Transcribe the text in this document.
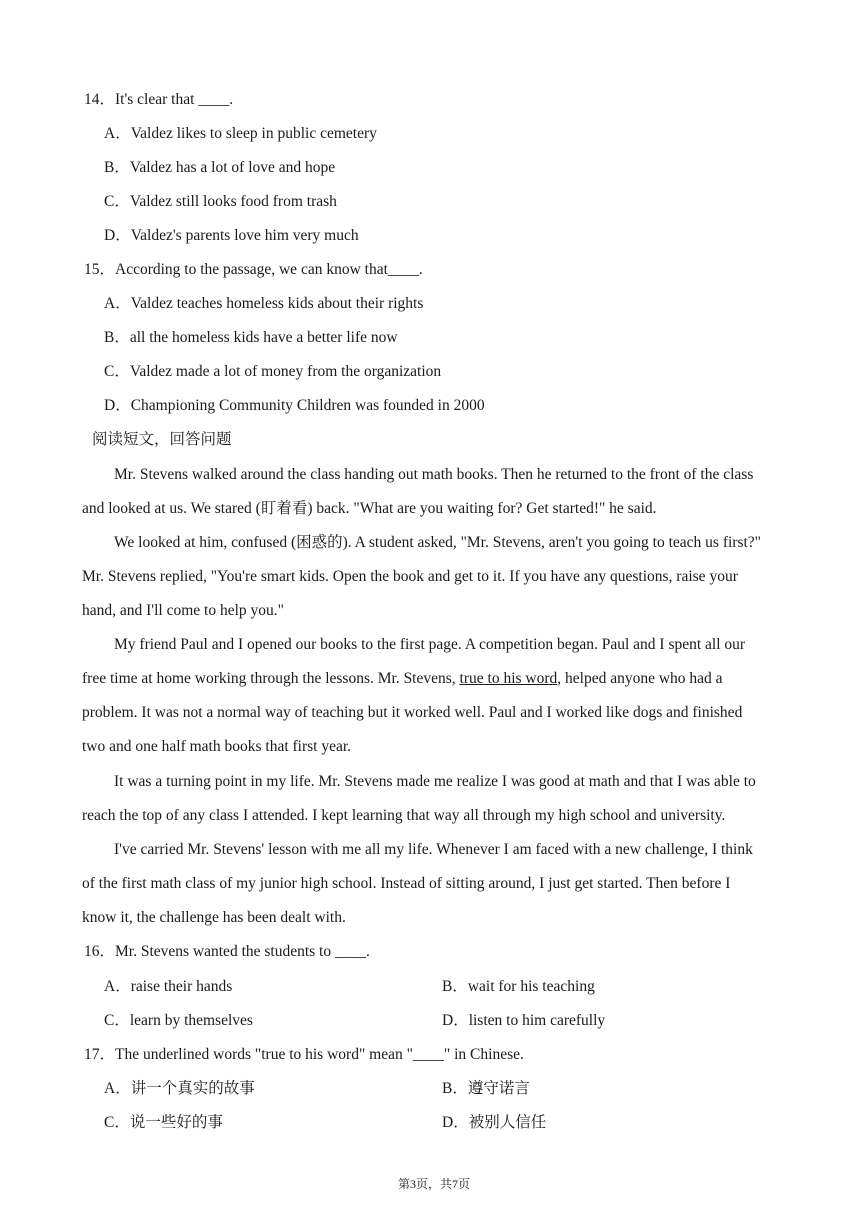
14．It's clear that ____.
A．Valdez likes to sleep in public cemetery
B．Valdez has a lot of love and hope
C．Valdez still looks food from trash
D．Valdez's parents love him very much
15．According to the passage, we can know that____.
A．Valdez teaches homeless kids about their rights
B．all the homeless kids have a better life now
C．Valdez made a lot of money from the organization
D．Championing Community Children was founded in 2000
阅读短文，回答问题
Mr. Stevens walked around the class handing out math books. Then he returned to the front of the class
and looked at us. We stared (盯着看) back. "What are you waiting for? Get started!" he said.
We looked at him, confused (困惑的). A student asked, "Mr. Stevens, aren't you going to teach us first?"
Mr. Stevens replied, "You're smart kids. Open the book and get to it. If you have any questions, raise your
hand, and I'll come to help you."
My friend Paul and I opened our books to the first page. A competition began. Paul and I spent all our
free time at home working through the lessons. Mr. Stevens, true to his word, helped anyone who had a
problem. It was not a normal way of teaching but it worked well. Paul and I worked like dogs and finished
two and one half math books that first year.
It was a turning point in my life. Mr. Stevens made me realize I was good at math and that I was able to
reach the top of any class I attended. I kept learning that way all through my high school and university.
I've carried Mr. Stevens' lesson with me all my life. Whenever I am faced with a new challenge, I think
of the first math class of my junior high school. Instead of sitting around, I just get started. Then before I
know it, the challenge has been dealt with.
16．Mr. Stevens wanted the students to ____.
A．raise their hands	B．wait for his teaching
C．learn by themselves	D．listen to him carefully
17．The underlined words "true to his word" mean "____" in Chinese.
A．讲一个真实的故事	B．遵守诺言
C．说一些好的事	D．被别人信任
第3页，共7页
